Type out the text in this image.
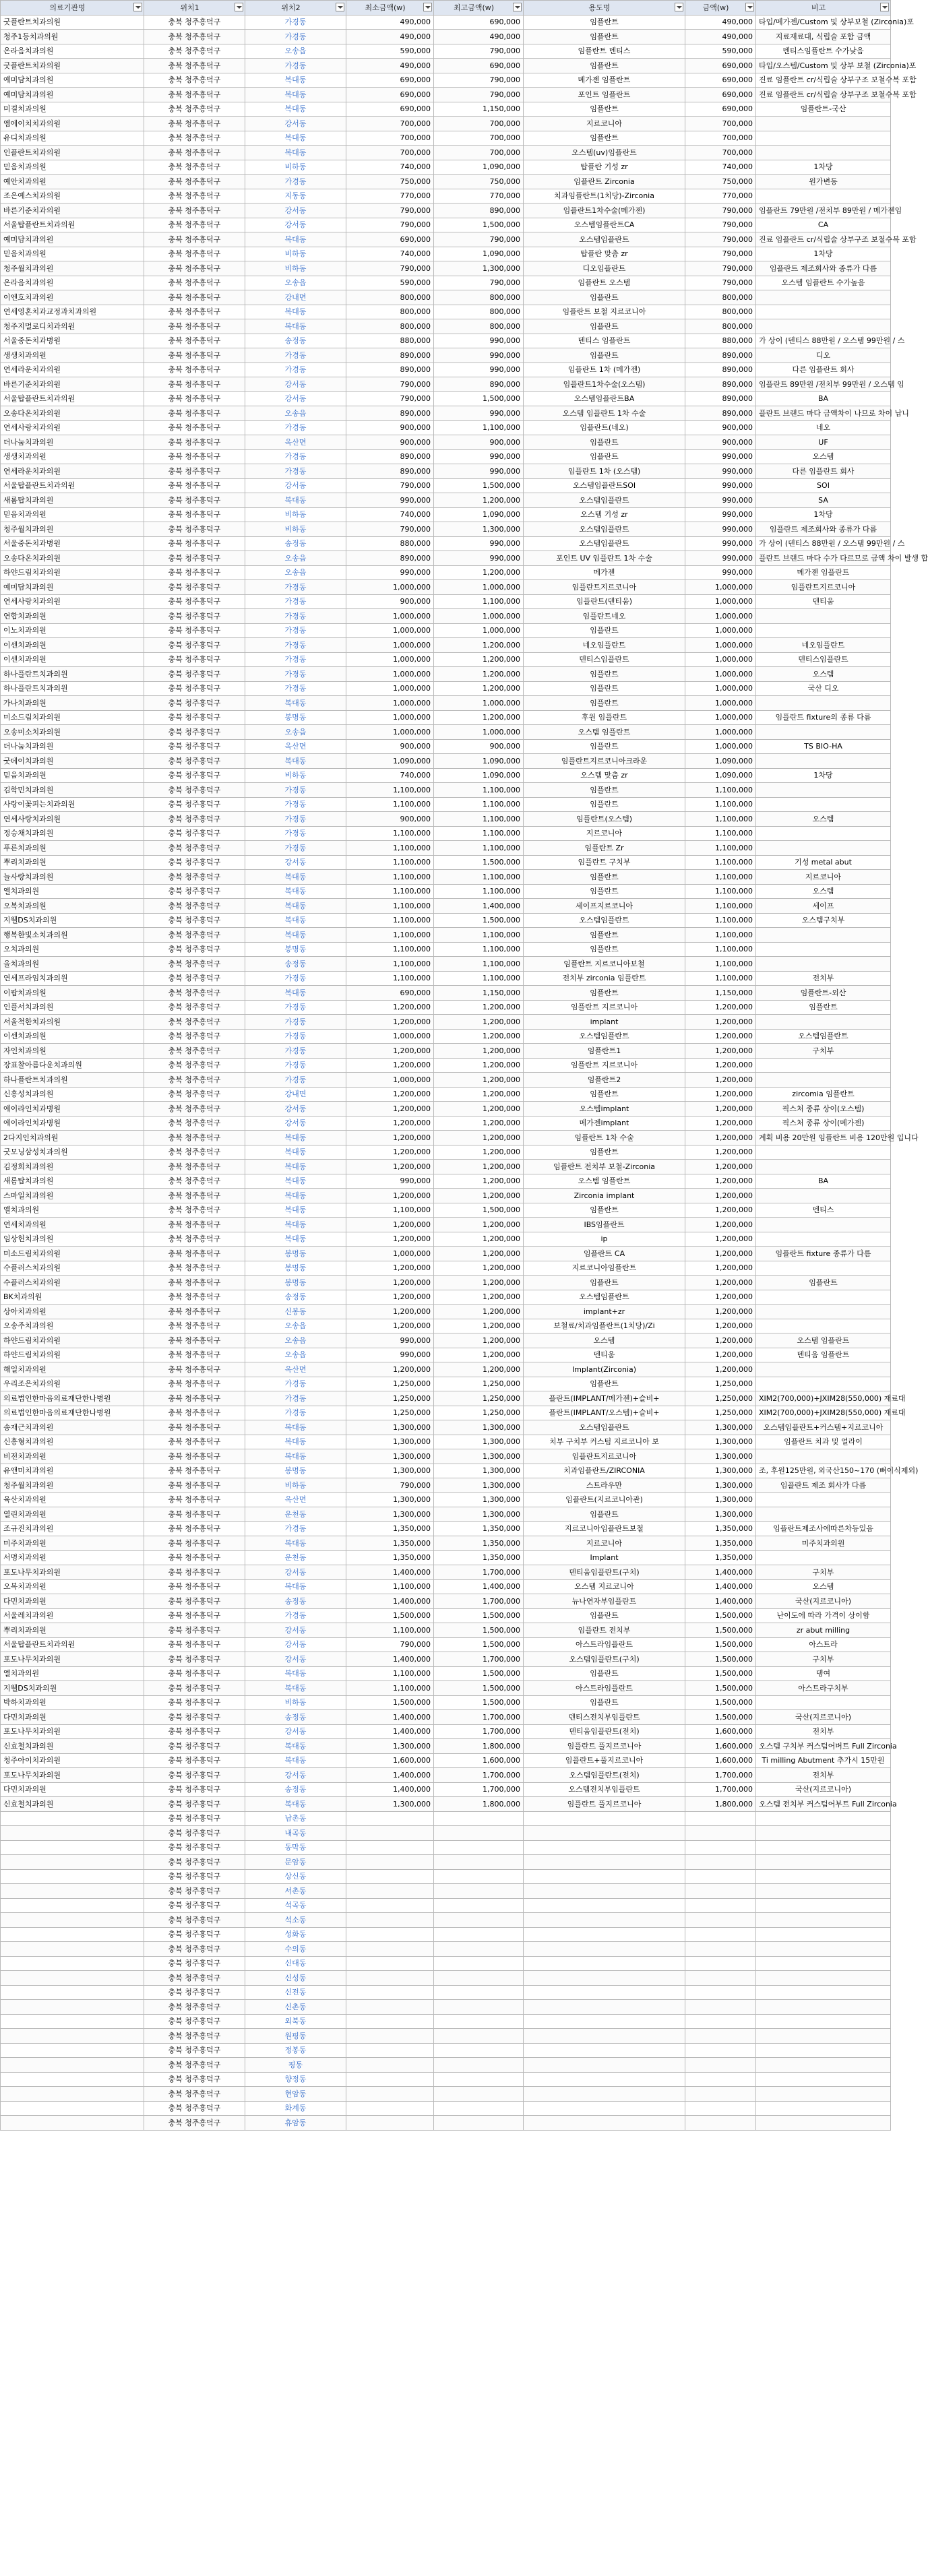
의료기관명	위치1	위치2	최소금액(w)	최고금액(w)	용도명	금액(w)	비고

굿플란트치과의원	충북 청주흥덕구	가경동	490,000	690,000	임플란트	490,000	타입/메가젠/Custom 및 상부보철 (Zirconia)포
청주1등치과의원	충북 청주흥덕구	가경동	490,000	490,000	임플란트	490,000	지료재료대, 식립술 포함 금액
온라음치과의원	충북 청주흥덕구	오송읍	590,000	790,000	임플란트 덴티스	590,000	덴티스임플란트 수가낮음
굿플란트치과의원	충북 청주흥덕구	가경동	490,000	690,000	임플란트	690,000	타입/오스템/Custom 및 상부 보철 (Zirconia)포
예미담치과의원	충북 청주흥덕구	복대동	690,000	790,000	메가젠 임플란트	690,000	진료 임플란트 cr/식립술 상부구조 보철수복 포함
예미담치과의원	충북 청주흥덕구	복대동	690,000	790,000	포인트 임플란트	690,000	진료 임플란트 cr/식립술 상부구조 보철수복 포함
미결치과의원	충북 청주흥덕구	복대동	690,000	1,150,000	임플란트	690,000	임플란트-국산
엠에이치치과의원	충북 청주흥덕구	강서동	700,000	700,000	지르코니아	700,000	
유디치과의원	충북 청주흥덕구	복대동	700,000	700,000	임플란트	700,000	
인플란트치과의원	충북 청주흥덕구	복대동	700,000	700,000	오스템(uv)임플란트	700,000	
믿음치과의원	충북 청주흥덕구	비하동	740,000	1,090,000	탑플란 기성 zr	740,000	1차당
예안치과의원	충북 청주흥덕구	가경동	750,000	750,000	임플란트 Zirconia	750,000	원가변동
조은예스치과의원	충북 청주흥덕구	지동동	770,000	770,000	치과임플란트(1치당)-Zirconia	770,000	
바른기준치과의원	충북 청주흥덕구	강서동	790,000	890,000	임플란트1차수술(메가젠)	790,000	임플란트 79만원 /전치부 89만원 / 메가젠임
서울탑플란트치과의원	충북 청주흥덕구	강서동	790,000	1,500,000	오스템임플란트CA	790,000	CA
예미담치과의원	충북 청주흥덕구	복대동	690,000	790,000	오스템임플란트	790,000	진료 임플란트 cr/식립술 상부구조 보철수복 포함
믿음치과의원	충북 청주흥덕구	비하동	740,000	1,090,000	탑플란 맞춤 zr	790,000	1차당
청주월치과의원	충북 청주흥덕구	비하동	790,000	1,300,000	디오임플란트	790,000	임플란트 제조회사와 종류가 다름
온라음치과의원	충북 청주흥덕구	오송읍	590,000	790,000	임플란트 오스템	790,000	오스템 임플란트 수가높음
이엔호치과의원	충북 청주흥덕구	강내면	800,000	800,000	임플란트	800,000	
연세영혼치과교정과치과의원	충북 청주흥덕구	복대동	800,000	800,000	임플란트 보철 지르코니아	800,000	
청주지멀로디치과의원	충북 청주흥덕구	복대동	800,000	800,000	임플란트	800,000	
서울중돈치과병원	충북 청주흥덕구	송정동	880,000	990,000	덴티스 임플란트	880,000	가 상이 (덴티스 88만원 / 오스템 99만원 / 스
생생치과의원	충북 청주흥덕구	가경동	890,000	990,000	임플란트	890,000	디오
연세라운치과의원	충북 청주흥덕구	가경동	890,000	990,000	임플란트 1차 (메가젠)	890,000	다른 임플란트 회사
바른기준치과의원	충북 청주흥덕구	강서동	790,000	890,000	임플란트1차수술(오스템)	890,000	임플란트 89만원 /전치부 99만원 / 오스템 임
서울탑플란트치과의원	충북 청주흥덕구	강서동	790,000	1,500,000	오스템임플란트BA	890,000	BA
오송다온치과의원	충북 청주흥덕구	오송읍	890,000	990,000	오스템 임플란트 1차 수술	890,000	플란트 브랜드 마다 금액차이 나므로 차이 납니
연세사랑치과의원	충북 청주흥덕구	가경동	900,000	1,100,000	임플란트(네오)	900,000	네오
더나눔치과의원	충북 청주흥덕구	옥산면	900,000	900,000	임플란트	900,000	UF
생생치과의원	충북 청주흥덕구	가경동	890,000	990,000	임플란트	990,000	오스템
연세라운치과의원	충북 청주흥덕구	가경동	890,000	990,000	임플란트 1차 (오스템)	990,000	다른 임플란트 회사
서울탑플란트치과의원	충북 청주흥덕구	강서동	790,000	1,500,000	오스템임플란트SOI	990,000	SOI
새롬탑치과의원	충북 청주흥덕구	복대동	990,000	1,200,000	오스템임플란트	990,000	SA
믿음치과의원	충북 청주흥덕구	비하동	740,000	1,090,000	오스템 기성 zr	990,000	1차당
청주월치과의원	충북 청주흥덕구	비하동	790,000	1,300,000	오스템임플란트	990,000	임플란트 제조회사와 종류가 다름
서울중돈치과병원	충북 청주흥덕구	송정동	880,000	990,000	오스템임플란트	990,000	가 상이 (덴티스 88만원 / 오스템 99만원 / 스
오송다온치과의원	충북 청주흥덕구	오송읍	890,000	990,000	포인트 UV 임플란트 1차 수술	990,000	플란트 브랜드 마다 수가 다르므로 금액 차이 발생 합
하얀드림치과의원	충북 청주흥덕구	오송읍	990,000	1,200,000	메가젠	990,000	메가젠 임플란트
예미담치과의원	충북 청주흥덕구	가경동	1,000,000	1,000,000	임플란트지르코니아	1,000,000	임플란트지르코니아
연세사랑치과의원	충북 청주흥덕구	가경동	900,000	1,100,000	임플란트(덴티움)	1,000,000	덴티움
연합치과의원	충북 청주흥덕구	가경동	1,000,000	1,000,000	임플란트네오	1,000,000	
이노치과의원	충북 청주흥덕구	가경동	1,000,000	1,000,000	임플란트	1,000,000	
이센치과의원	충북 청주흥덕구	가경동	1,000,000	1,200,000	네오임플란트	1,000,000	네오임플란트
이센치과의원	충북 청주흥덕구	가경동	1,000,000	1,200,000	덴티스임플란트	1,000,000	덴티스임플란트
하나플란트치과의원	충북 청주흥덕구	가경동	1,000,000	1,200,000	임플란트	1,000,000	오스템
하나플란트치과의원	충북 청주흥덕구	가경동	1,000,000	1,200,000	임플란트	1,000,000	국산 디오
가나치과의원	충북 청주흥덕구	복대동	1,000,000	1,000,000	임플란트	1,000,000	
미소드림치과의원	충북 청주흥덕구	봉명동	1,000,000	1,200,000	후원 임플란트	1,000,000	임플란트 fixture의 종류 다름
오송미소치과의원	충북 청주흥덕구	오송읍	1,000,000	1,000,000	오스템 임플란트	1,000,000	
더나눔치과의원	충북 청주흥덕구	옥산면	900,000	900,000	임플란트	1,000,000	TS BIO-HA
굿데이치과의원	충북 청주흥덕구	복대동	1,090,000	1,090,000	임플란트지르코니아크라운	1,090,000	
믿음치과의원	충북 청주흥덕구	비하동	740,000	1,090,000	오스템 맞춤 zr	1,090,000	1차당
김학민치과의원	충북 청주흥덕구	가경동	1,100,000	1,100,000	임플란트	1,100,000	
사랑이꽃피는치과의원	충북 청주흥덕구	가경동	1,100,000	1,100,000	임플란트	1,100,000	
연세사랑치과의원	충북 청주흥덕구	가경동	900,000	1,100,000	임플란트(오스템)	1,100,000	오스템
정승채치과의원	충북 청주흥덕구	가경동	1,100,000	1,100,000	지르코니아	1,100,000	
푸른치과의원	충북 청주흥덕구	가경동	1,100,000	1,100,000	임플란트 Zr	1,100,000	
뿌리치과의원	충북 청주흥덕구	강서동	1,100,000	1,500,000	임플란트 구치부	1,100,000	기성 metal abut
늘사랑치과의원	충북 청주흥덕구	복대동	1,100,000	1,100,000	임플란트	1,100,000	지르코니아
엘치과의원	충북 청주흥덕구	복대동	1,100,000	1,100,000	임플란트	1,100,000	오스템
오복치과의원	충북 청주흥덕구	복대동	1,100,000	1,400,000	세이프지르코니아	1,100,000	세이프
지웰DS치과의원	충북 청주흥덕구	복대동	1,100,000	1,500,000	오스템임플란트	1,100,000	오스템구치부
행복한빛소치과의원	충북 청주흥덕구	복대동	1,100,000	1,100,000	임플란트	1,100,000	
오치과의원	충북 청주흥덕구	봉명동	1,100,000	1,100,000	임플란트	1,100,000	
올치과의원	충북 청주흥덕구	송정동	1,100,000	1,100,000	임플란트 지르코니아보철	1,100,000	
연세프라임치과의원	충북 청주흥덕구	가경동	1,100,000	1,100,000	전치부 zirconia 임플란트	1,100,000	전치부
이팝치과의원	충북 청주흥덕구	복대동	690,000	1,150,000	임플란트	1,150,000	임플란트-외산
인플서치과의원	충북 청주흥덕구	가경동	1,200,000	1,200,000	임플란트 지르코니아	1,200,000	임플란트
서울척한치과의원	충북 청주흥덕구	가경동	1,200,000	1,200,000	implant	1,200,000	
이센치과의원	충북 청주흥덕구	가경동	1,000,000	1,200,000	오스템임플란트	1,200,000	오스템임플란트
자인치과의원	충북 청주흥덕구	가경동	1,200,000	1,200,000	임플란트1	1,200,000	구치부
장표찰아름다운치과의원	충북 청주흥덕구	가경동	1,200,000	1,200,000	임플란트 지르코니아	1,200,000	
하나플란트치과의원	충북 청주흥덕구	가경동	1,000,000	1,200,000	임플란트2	1,200,000	
신흥성치과의원	충북 청주흥덕구	강내면	1,200,000	1,200,000	임플란트	1,200,000	zircomia 임플란트
에이라인치과병원	충북 청주흥덕구	강서동	1,200,000	1,200,000	오스템implant	1,200,000	픽스처 종류 상이(오스템)
에이라인치과병원	충북 청주흥덕구	강서동	1,200,000	1,200,000	메가젠implant	1,200,000	픽스처 종류 상이(메가젠)
2다지인치과의원	충북 청주흥덕구	복대동	1,200,000	1,200,000	임플란트 1차 수술	1,200,000	계획 비용 20만원 임플란트 비용 120만원 입니다
굿모닝삼성치과의원	충북 청주흥덕구	복대동	1,200,000	1,200,000	임플란트	1,200,000	
김정희치과의원	충북 청주흥덕구	복대동	1,200,000	1,200,000	임플란트 전치부 보철-Zirconia	1,200,000	
새롬탑치과의원	충북 청주흥덕구	복대동	990,000	1,200,000	오스템 임플란트	1,200,000	BA
스마일치과의원	충북 청주흥덕구	복대동	1,200,000	1,200,000	Zirconia implant	1,200,000	
엘치과의원	충북 청주흥덕구	복대동	1,100,000	1,500,000	임플란트	1,200,000	덴티스
연세치과의원	충북 청주흥덕구	복대동	1,200,000	1,200,000	IBS임플란트	1,200,000	
임상헌치과의원	충북 청주흥덕구	복대동	1,200,000	1,200,000	ip	1,200,000	
미소드림치과의원	충북 청주흥덕구	봉명동	1,000,000	1,200,000	임플란트 CA	1,200,000	임플란트 fixture 종류가 다름
수플러스치과의원	충북 청주흥덕구	봉명동	1,200,000	1,200,000	지르코니아임플란트	1,200,000	
수플러스치과의원	충북 청주흥덕구	봉명동	1,200,000	1,200,000	임플란트	1,200,000	임플란트
BK치과의원	충북 청주흥덕구	송정동	1,200,000	1,200,000	오스템임플란트	1,200,000	
상아치과의원	충북 청주흥덕구	신봉동	1,200,000	1,200,000	implant+zr	1,200,000	
오송주치과의원	충북 청주흥덕구	오송읍	1,200,000	1,200,000	보철료/치과임플란트(1치당)/Zi	1,200,000	
하얀드림치과의원	충북 청주흥덕구	오송읍	990,000	1,200,000	오스템	1,200,000	오스템 임플란트
하얀드림치과의원	충북 청주흥덕구	오송읍	990,000	1,200,000	덴티움	1,200,000	덴티움 임플란트
해일치과의원	충북 청주흥덕구	옥산면	1,200,000	1,200,000	Implant(Zirconia)	1,200,000	
우리조은치과의원	충북 청주흥덕구	가경동	1,250,000	1,250,000	임플란트	1,250,000	
의료법인한마음의료재단한나병원	충북 청주흥덕구	가경동	1,250,000	1,250,000	플란트(IMPLANT/메가젠)+슬비+	1,250,000	XIM2(700,000)+JXIM28(550,000) 재료대
의료법인한마음의료재단한나병원	충북 청주흥덕구	가경동	1,250,000	1,250,000	플란트(IMPLANT/오스템)+슬비+	1,250,000	XIM2(700,000)+JXIM28(550,000) 재료대
송재근치과의원	충북 청주흥덕구	복대동	1,300,000	1,300,000	오스템임플란트	1,300,000	오스템임플란트+커스템+지르코니아
신흥형치과의원	충북 청주흥덕구	복대동	1,300,000	1,300,000	치부 구치부 커스텀 지르코니아 보	1,300,000	임플란트 치과 및 얼라이
비전치과의원	충북 청주흥덕구	복대동	1,300,000	1,300,000	임플란트지르코니아	1,300,000	
유앤미치과의원	충북 청주흥덕구	봉명동	1,300,000	1,300,000	치과임플란트/ZIRCONIA	1,300,000	조, 후원125만원, 외국산150~170 (뼈이식제외)
청주월치과의원	충북 청주흥덕구	비하동	790,000	1,300,000	스트라우만	1,300,000	임플란트 제조 회사가 다름
육산치과의원	충북 청주흥덕구	옥산면	1,300,000	1,300,000	임플란트(지르코니아관)	1,300,000	
열린치과의원	충북 청주흥덕구	운천동	1,300,000	1,300,000	임플란트	1,300,000	
조규진치과의원	충북 청주흥덕구	가경동	1,350,000	1,350,000	지르코니아임플란트보철	1,350,000	임플란트제조사에따른차등있음
미주치과의원	충북 청주흥덕구	복대동	1,350,000	1,350,000	지르코니아	1,350,000	미주치과의원
서명치과의원	충북 청주흥덕구	운천동	1,350,000	1,350,000	Implant	1,350,000	
포도나무치과의원	충북 청주흥덕구	강서동	1,400,000	1,700,000	덴티움임플란트(구치)	1,400,000	구치부
오복치과의원	충북 청주흥덕구	복대동	1,100,000	1,400,000	오스템 지르코니아	1,400,000	오스템
다민치과의원	충북 청주흥덕구	송정동	1,400,000	1,700,000	뉴나연자부임플란트	1,400,000	국산(지르코니아)
서울레치과의원	충북 청주흥덕구	가경동	1,500,000	1,500,000	임플란트	1,500,000	난이도에 따라 가격이 상이함
뿌리치과의원	충북 청주흥덕구	강서동	1,100,000	1,500,000	임플란트 전치부	1,500,000	zr abut milling
서울탑플란트치과의원	충북 청주흥덕구	강서동	790,000	1,500,000	아스트라임플란트	1,500,000	아스트라
포도나무치과의원	충북 청주흥덕구	강서동	1,400,000	1,700,000	오스템임플란트(구치)	1,500,000	구치부
엘치과의원	충북 청주흥덕구	복대동	1,100,000	1,500,000	임플란트	1,500,000	뎅여
지웰DS치과의원	충북 청주흥덕구	복대동	1,100,000	1,500,000	아스트라임플란트	1,500,000	아스트라구치부
박하치과의원	충북 청주흥덕구	비하동	1,500,000	1,500,000	임플란트	1,500,000	
다민치과의원	충북 청주흥덕구	송정동	1,400,000	1,700,000	덴티스전치부임플란트	1,500,000	국산(지르코니아)
포도나무치과의원	충북 청주흥덕구	강서동	1,400,000	1,700,000	덴티움임플란트(전치)	1,600,000	전치부
신효철치과의원	충북 청주흥덕구	복대동	1,300,000	1,800,000	임플란트 풀지르코니아	1,600,000	오스템 구치부 커스텀어버트 Full Zirconia
청주아이치과의원	충북 청주흥덕구	복대동	1,600,000	1,600,000	임플란트+풀지르코니아	1,600,000	Ti milling Abutment 추가시 15만원
포도나무치과의원	충북 청주흥덕구	강서동	1,400,000	1,700,000	오스템임플란트(전치)	1,700,000	전치부
다민치과의원	충북 청주흥덕구	송정동	1,400,000	1,700,000	오스템전치부임플란트	1,700,000	국산(지르코니아)
신효철치과의원	충북 청주흥덕구	복대동	1,300,000	1,800,000	임플란트 풀지르코니아	1,800,000	오스템 전치부 커스텀어부트 Full Zirconia
	충북 청주흥덕구	남촌동					
	충북 청주흥덕구	내곡동					
	충북 청주흥덕구	동막동					
	충북 청주흥덕구	문암동					
	충북 청주흥덕구	상신동					
	충북 청주흥덕구	서촌동					
	충북 청주흥덕구	석곡동					
	충북 청주흥덕구	석소동					
	충북 청주흥덕구	성화동					
	충북 청주흥덕구	수의동					
	충북 청주흥덕구	신대동					
	충북 청주흥덕구	신성동					
	충북 청주흥덕구	신전동					
	충북 청주흥덕구	신촌동					
	충북 청주흥덕구	외북동					
	충북 청주흥덕구	원평동					
	충북 청주흥덕구	정봉동					
	충북 청주흥덕구	평동					
	충북 청주흥덕구	향정동					
	충북 청주흥덕구	현암동					
	충북 청주흥덕구	화계동					
	충북 청주흥덕구	휴암동					
